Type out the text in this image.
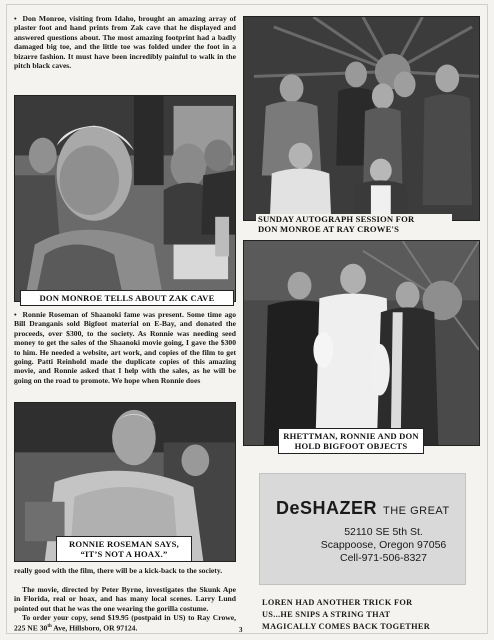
• Don Monroe, visiting from Idaho, brought an amazing array of plaster foot and hand prints from Zak cave that he displayed and answered questions about. The most amazing footprint had a badly damaged big toe, and the little toe was folded under the foot in a bizarre fashion. It must have been incredibly painful to walk in the pitch black caves.
DON MONROE TELLS ABOUT ZAK CAVE
• Ronnie Roseman of Shaanoki fame was present. Some time ago Bill Dranganis sold Bigfoot material on E-Bay, and donated the proceeds, over $300, to the society. As Ronnie was needing seed money to get the sales of the Shaanoki movie going, I gave the $300 to him. He needed a website, art work, and copies of the film to get going. Patti Reinhold made the duplicate copies of this amazing movie, and Ronnie asked that I help with the sales, as he will be going on the road to promote. We hope when Ronnie does
RONNIE ROSEMAN SAYS,
“IT’S NOT A HOAX.”
really good with the film, there will be a kick-back to the society.
The movie, directed by Peter Byrne, investigates the Skunk Ape in Florida, real or hoax, and has many local scenes. Larry Lund pointed out that he was the one wearing the gorilla costume.
To order your copy, send $19.95 (postpaid in US) to Ray Crowe, 225 NE 30th Ave, Hillsboro, OR 97124.
SUNDAY AUTOGRAPH SESSION FOR
DON MONROE AT RAY CROWE'S
RHETTMAN, RONNIE AND DON
HOLD BIGFOOT OBJECTS
DeSHAZER THE GREAT
52110 SE 5th St.
Scappoose, Oregon 97056
Cell-971-506-8327
LOREN HAD ANOTHER TRICK FOR
US...HE SNIPS A STRING THAT
MAGICALLY COMES BACK TOGETHER
3
